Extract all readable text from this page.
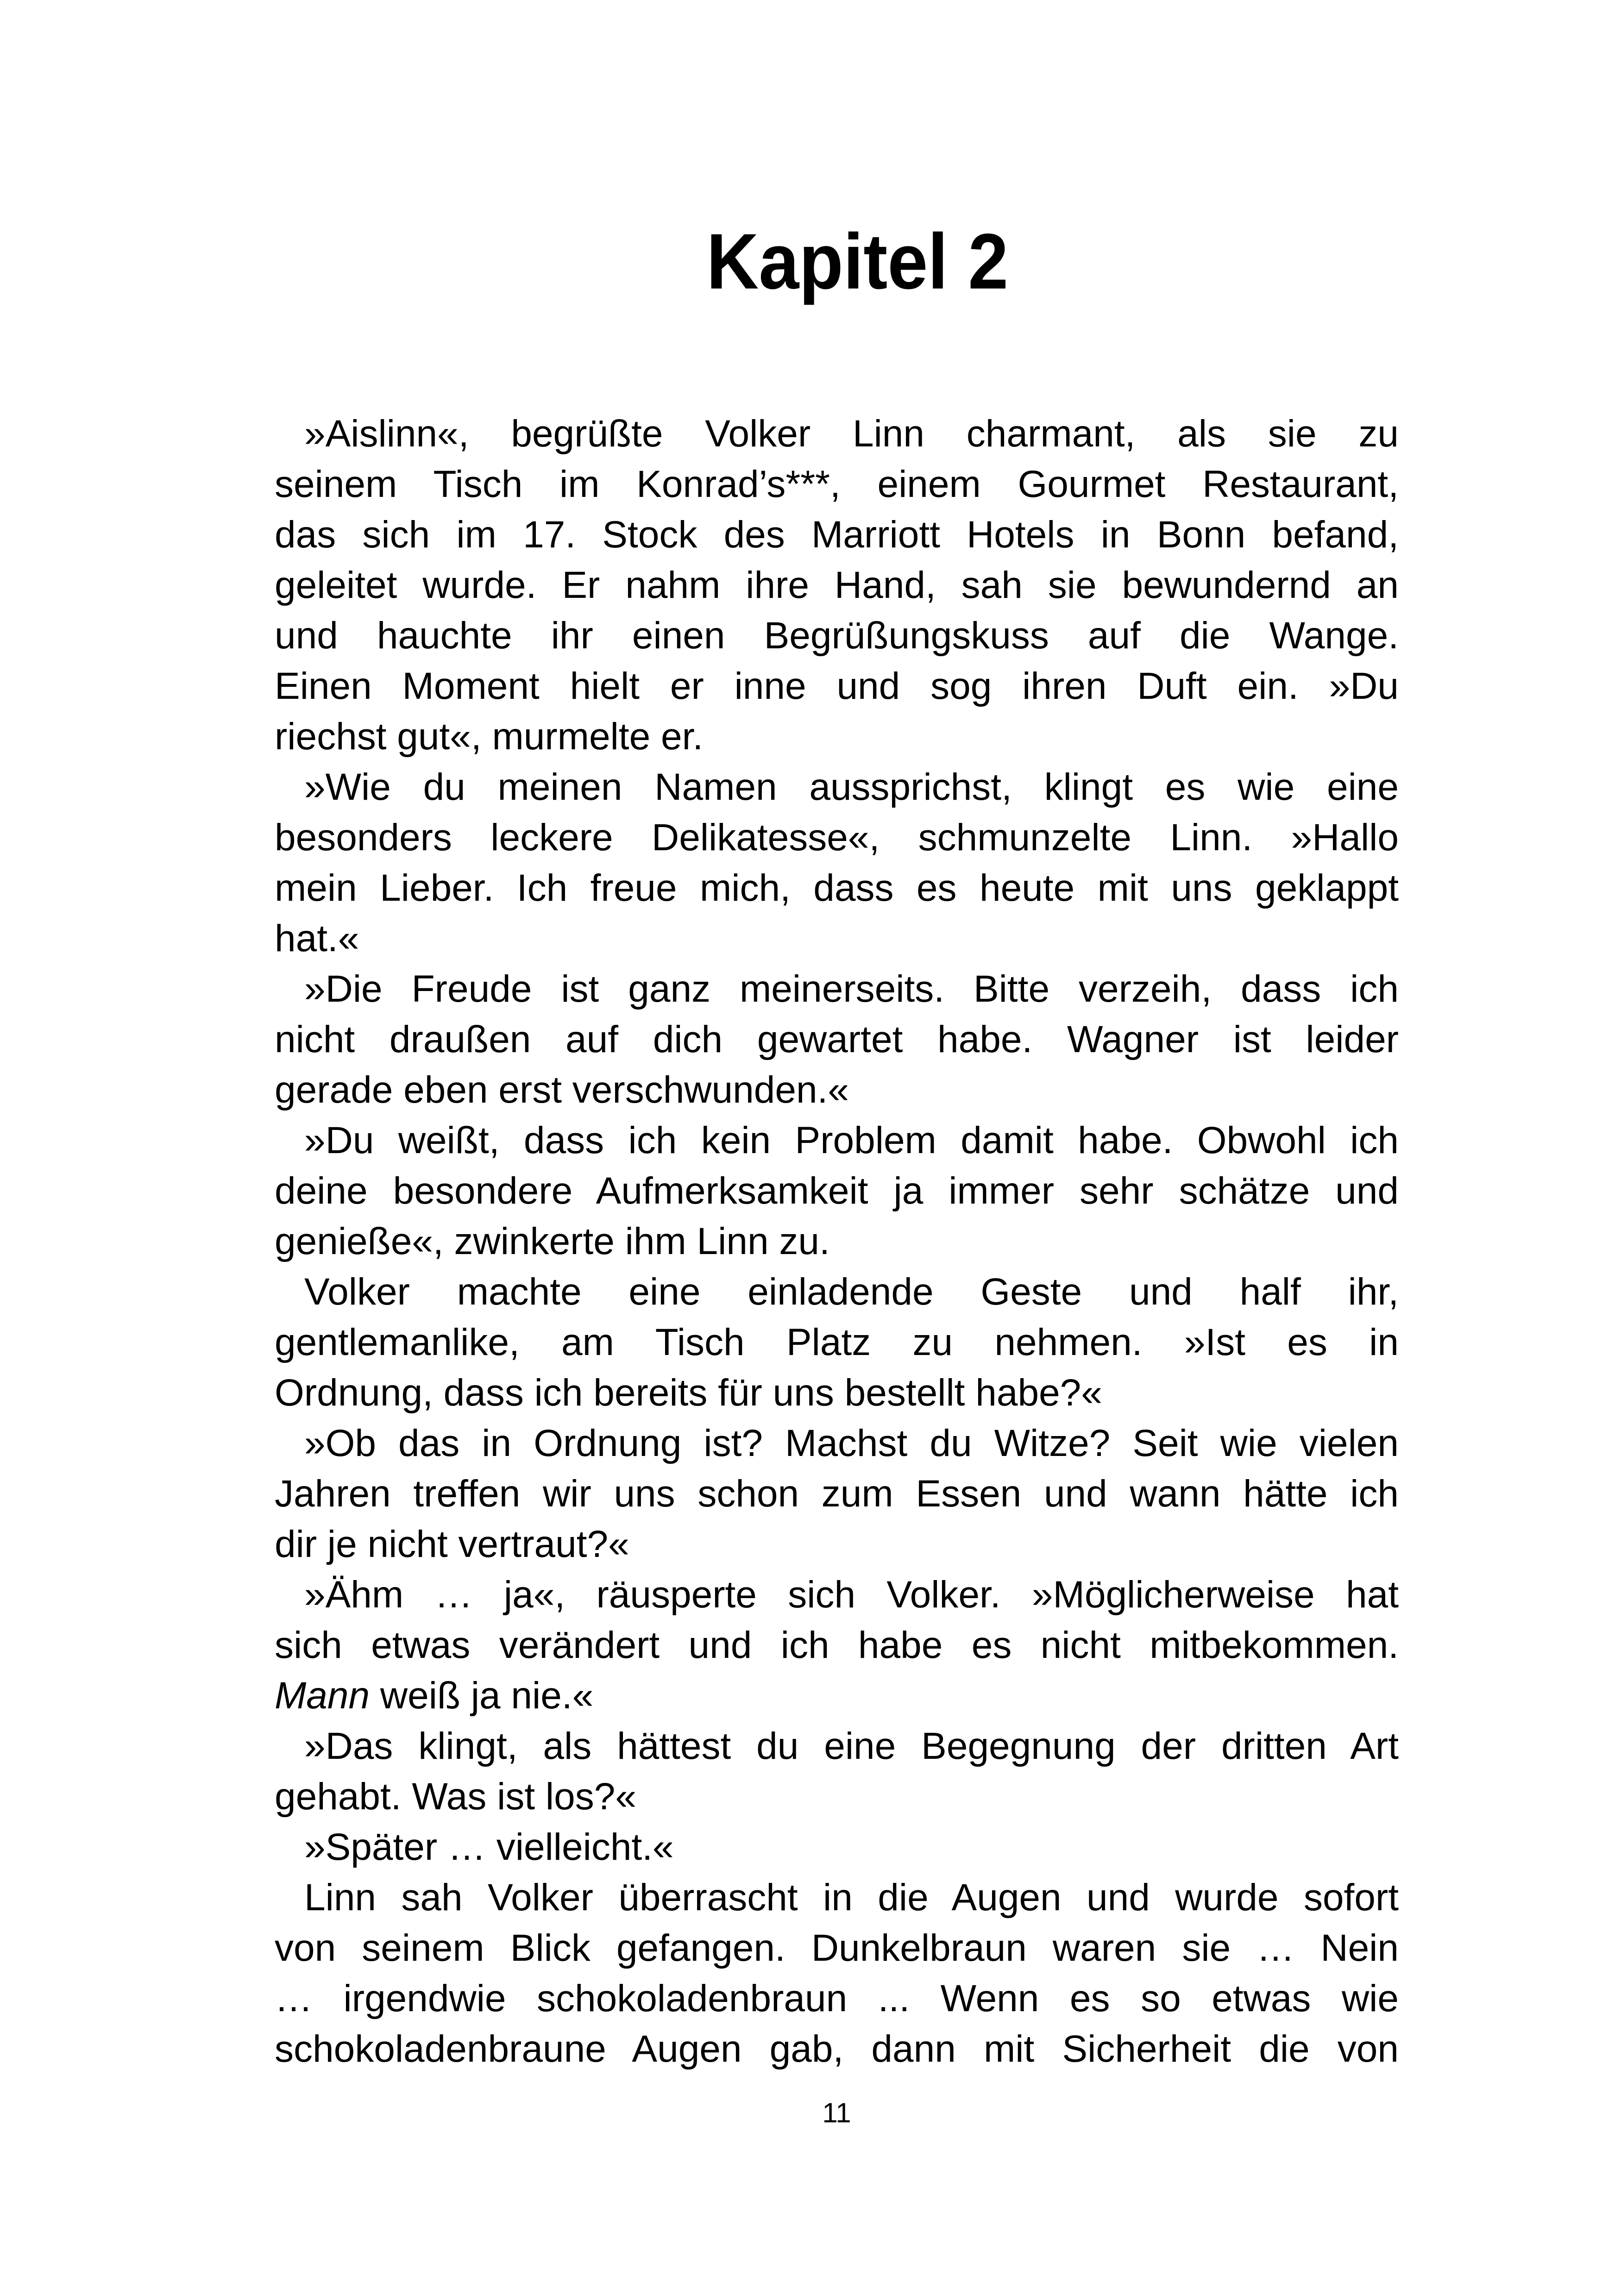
Kapitel 2
»Aislinn«, begrüßte Volker Linn charmant, als sie zu
seinem Tisch im Konrad’s***, einem Gourmet Restaurant,
das sich im 17. Stock des Marriott Hotels in Bonn befand,
geleitet wurde. Er nahm ihre Hand, sah sie bewundernd an
und hauchte ihr einen Begrüßungskuss auf die Wange.
Einen Moment hielt er inne und sog ihren Duft ein. »Du
riechst gut«, murmelte er.
»Wie du meinen Namen aussprichst, klingt es wie eine
besonders leckere Delikatesse«, schmunzelte Linn. »Hallo
mein Lieber. Ich freue mich, dass es heute mit uns geklappt
hat.«
»Die Freude ist ganz meinerseits. Bitte verzeih, dass ich
nicht draußen auf dich gewartet habe. Wagner ist leider
gerade eben erst verschwunden.«
»Du weißt, dass ich kein Problem damit habe. Obwohl ich
deine besondere Aufmerksamkeit ja immer sehr schätze und
genieße«, zwinkerte ihm Linn zu.
Volker machte eine einladende Geste und half ihr,
gentlemanlike, am Tisch Platz zu nehmen. »Ist es in
Ordnung, dass ich bereits für uns bestellt habe?«
»Ob das in Ordnung ist? Machst du Witze? Seit wie vielen
Jahren treffen wir uns schon zum Essen und wann hätte ich
dir je nicht vertraut?«
»Ähm … ja«, räusperte sich Volker. »Möglicherweise hat
sich etwas verändert und ich habe es nicht mitbekommen.
Mann weiß ja nie.«
»Das klingt, als hättest du eine Begegnung der dritten Art
gehabt. Was ist los?«
»Später … vielleicht.«
Linn sah Volker überrascht in die Augen und wurde sofort
von seinem Blick gefangen. Dunkelbraun waren sie … Nein
… irgendwie schokoladenbraun ... Wenn es so etwas wie
schokoladenbraune Augen gab, dann mit Sicherheit die von
11
